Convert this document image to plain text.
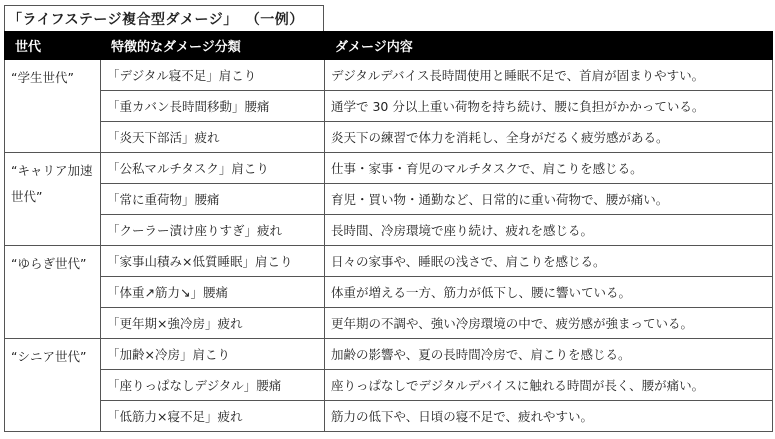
「ライフステージ複合型ダメージ」 （一例）
世代	特徴的なダメージ分類	ダメージ内容
“学生世代”	「デジタル寝不足」肩こり	デジタルデバイス長時間使用と睡眠不足で、首肩が固まりやすい。
	「重カバン長時間移動」腰痛	通学で 30 分以上重い荷物を持ち続け、腰に負担がかかっている。
	「炎天下部活」疲れ	炎天下の練習で体力を消耗し、全身がだるく疲労感がある。
“キャリア加速世代”	「公私マルチタスク」肩こり	仕事・家事・育児のマルチタスクで、肩こりを感じる。
	「常に重荷物」腰痛	育児・買い物・通勤など、日常的に重い荷物で、腰が痛い。
	「クーラー漬け座りすぎ」疲れ	長時間、冷房環境で座り続け、疲れを感じる。
“ゆらぎ世代”	「家事山積み×低質睡眠」肩こり	日々の家事や、睡眠の浅さで、肩こりを感じる。
	「体重↗筋力↘」腰痛	体重が増える一方、筋力が低下し、腰に響いている。
	「更年期×強冷房」疲れ	更年期の不調や、強い冷房環境の中で、疲労感が強まっている。
“シニア世代”	「加齢×冷房」肩こり	加齢の影響や、夏の長時間冷房で、肩こりを感じる。
	「座りっぱなしデジタル」腰痛	座りっぱなしでデジタルデバイスに触れる時間が長く、腰が痛い。
	「低筋力×寝不足」疲れ	筋力の低下や、日頃の寝不足で、疲れやすい。
